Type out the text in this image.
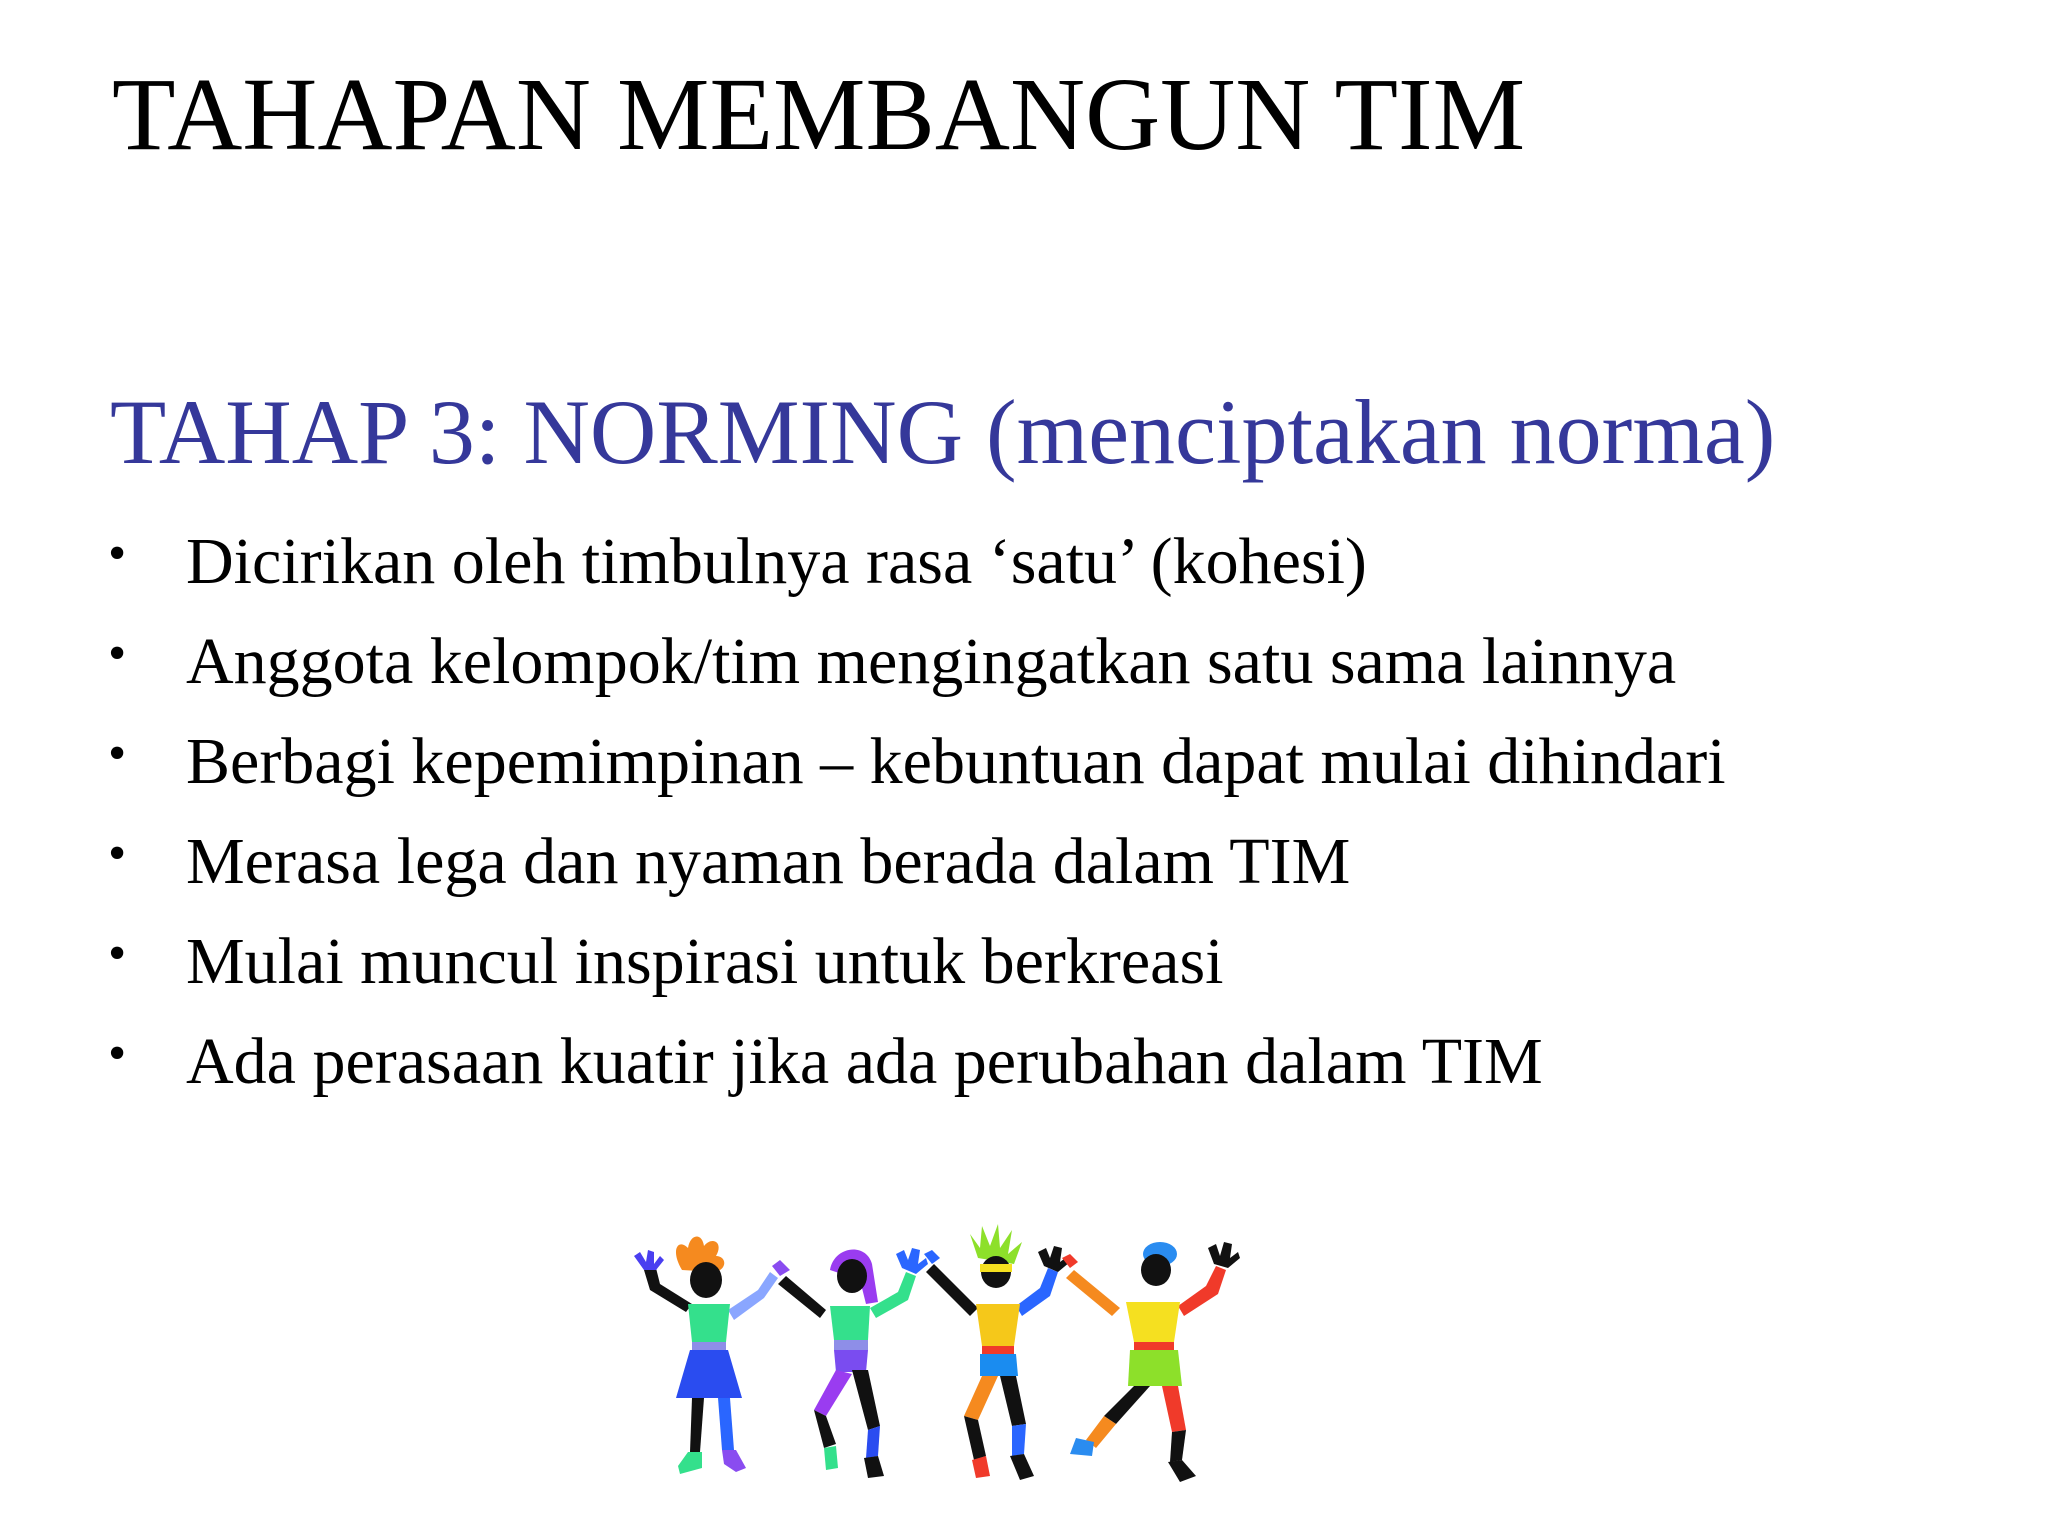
TAHAPAN MEMBANGUN TIM
TAHAP 3: NORMING (menciptakan norma)
• Dicirikan oleh timbulnya rasa ‘satu’ (kohesi)
• Anggota kelompok/tim mengingatkan satu sama lainnya
• Berbagi kepemimpinan – kebuntuan dapat mulai dihindari
• Merasa lega dan nyaman berada dalam TIM
• Mulai muncul inspirasi untuk berkreasi
• Ada perasaan kuatir jika ada perubahan dalam TIM
